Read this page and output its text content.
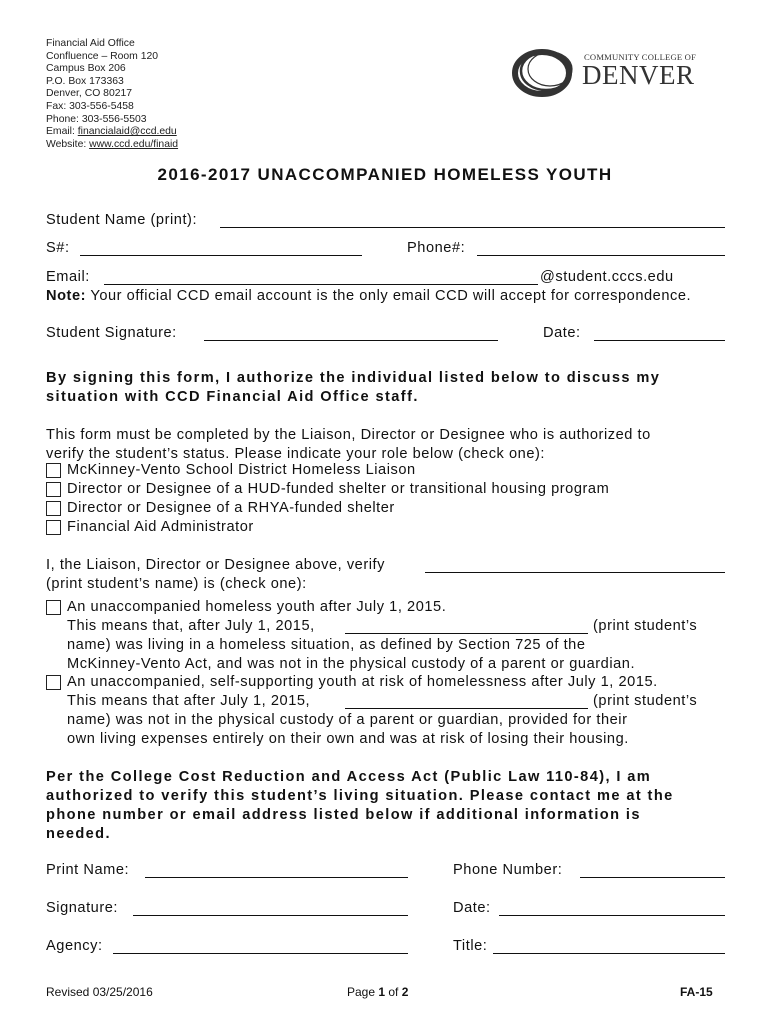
Financial Aid Office
Confluence – Room 120
Campus Box 206
P.O. Box 173363
Denver, CO 80217
Fax: 303-556-5458
Phone: 303-556-5503
Email: financialaid@ccd.edu
Website: www.ccd.edu/finaid
COMMUNITY COLLEGE OF
DENVER
2016-2017 UNACCOMPANIED HOMELESS YOUTH
Student Name (print):
S#:	Phone#:
Email:	@student.cccs.edu
Note: Your official CCD email account is the only email CCD will accept for correspondence.
Student Signature:	Date:
By signing this form, I authorize the individual listed below to discuss my
situation with CCD Financial Aid Office staff.
This form must be completed by the Liaison, Director or Designee who is authorized to
verify the student’s status. Please indicate your role below (check one):
McKinney-Vento School District Homeless Liaison
Director or Designee of a HUD-funded shelter or transitional housing program
Director or Designee of a RHYA-funded shelter
Financial Aid Administrator
I, the Liaison, Director or Designee above, verify
(print student’s name) is (check one):
An unaccompanied homeless youth after July 1, 2015.
This means that, after July 1, 2015,	(print student’s
name) was living in a homeless situation, as defined by Section 725 of the
McKinney-Vento Act, and was not in the physical custody of a parent or guardian.
An unaccompanied, self-supporting youth at risk of homelessness after July 1, 2015.
This means that after July 1, 2015,	(print student’s
name) was not in the physical custody of a parent or guardian, provided for their
own living expenses entirely on their own and was at risk of losing their housing.
Per the College Cost Reduction and Access Act (Public Law 110-84), I am
authorized to verify this student’s living situation. Please contact me at the
phone number or email address listed below if additional information is
needed.
Print Name:	Phone Number:
Signature:	Date:
Agency:	Title:
Revised 03/25/2016	Page 1 of 2	FA-15
